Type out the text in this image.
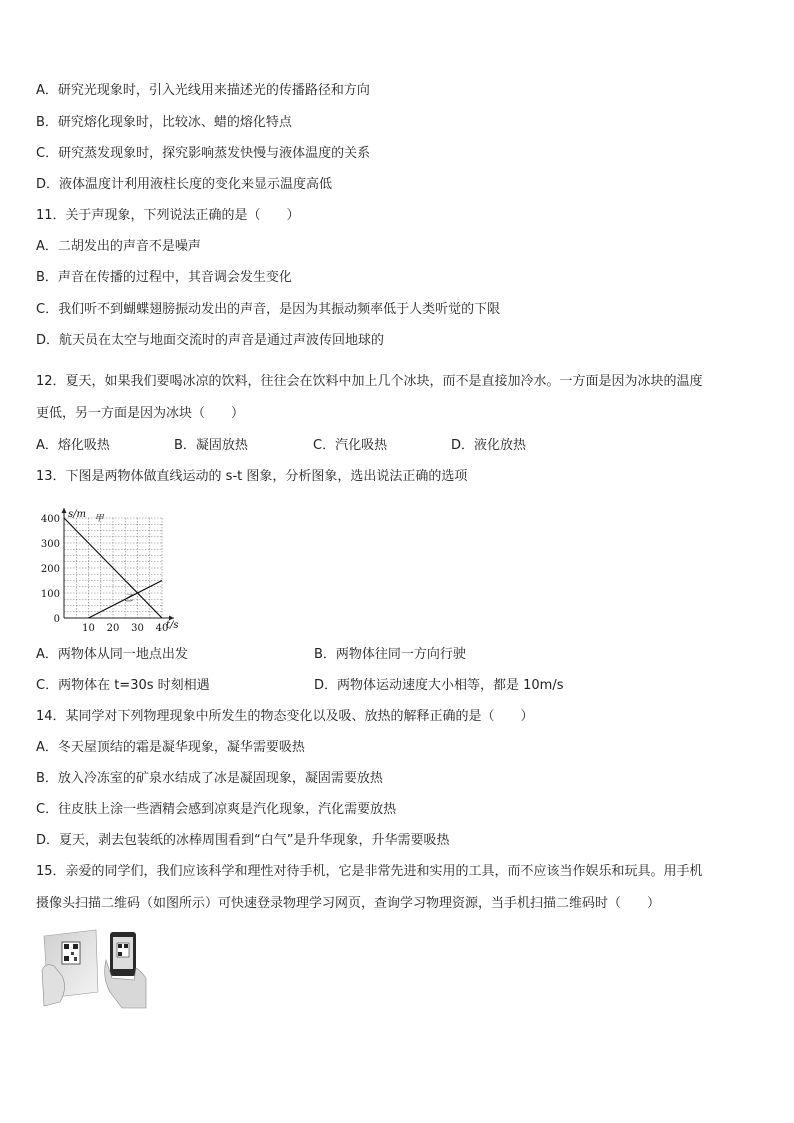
A．研究光现象时，引入光线用来描述光的传播路径和方向
B．研究熔化现象时，比较冰、蜡的熔化特点
C．研究蒸发现象时，探究影响蒸发快慢与液体温度的关系
D．液体温度计利用液柱长度的变化来显示温度高低
11．关于声现象，下列说法正确的是（　　）
A．二胡发出的声音不是噪声
B．声音在传播的过程中，其音调会发生变化
C．我们听不到蝴蝶翅膀振动发出的声音，是因为其振动频率低于人类听觉的下限
D．航天员在太空与地面交流时的声音是通过声波传回地球的
12．夏天，如果我们要喝冰凉的饮料，往往会在饮料中加上几个冰块，而不是直接加冷水。一方面是因为冰块的温度
更低，另一方面是因为冰块（　　）
A．熔化吸热	B．凝固放热	C．汽化吸热	D．液化放热
13．下图是两物体做直线运动的 s-t 图象，分析图象，选出说法正确的选项
甲
乙
0
100
200
300
400
10 20 30 40
s/m
t/s
A．两物体从同一地点出发	B．两物体往同一方向行驶
C．两物体在 t=30s 时刻相遇	D．两物体运动速度大小相等，都是 10m/s
14．某同学对下列物理现象中所发生的物态变化以及吸、放热的解释正确的是（　　）
A．冬天屋顶结的霜是凝华现象，凝华需要吸热
B．放入冷冻室的矿泉水结成了冰是凝固现象，凝固需要放热
C．往皮肤上涂一些酒精会感到凉爽是汽化现象，汽化需要放热
D．夏天，剥去包装纸的冰棒周围看到“白气”是升华现象，升华需要吸热
15．亲爱的同学们，我们应该科学和理性对待手机，它是非常先进和实用的工具，而不应该当作娱乐和玩具。用手机
摄像头扫描二维码（如图所示）可快速登录物理学习网页，查询学习物理资源，当手机扫描二维码时（　　）
